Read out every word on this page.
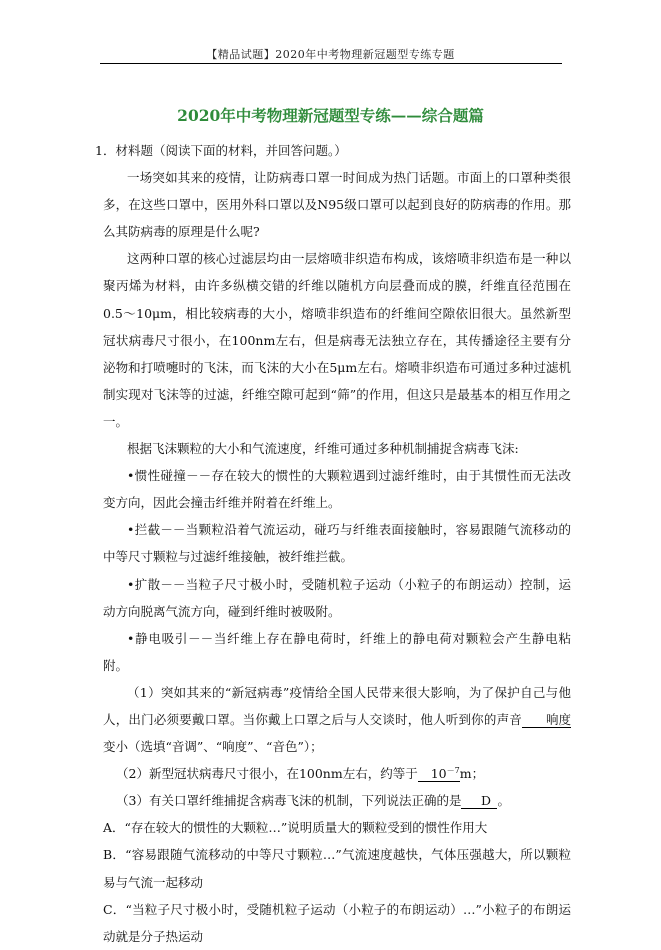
【精品试题】2020年中考物理新冠题型专练专题
2020年中考物理新冠题型专练——综合题篇
1．材料题（阅读下面的材料，并回答问题。）

一场突如其来的疫情，让防病毒口罩一时间成为热门话题。市面上的口罩种类很多，在这些口罩中，医用外科口罩以及N95级口罩可以起到良好的防病毒的作用。那么其防病毒的原理是什么呢?

这两种口罩的核心过滤层均由一层熔喷非织造布构成，该熔喷非织造布是一种以聚丙烯为材料，由许多纵横交错的纤维以随机方向层叠而成的膜，纤维直径范围在0.5～10μm，相比较病毒的大小，熔喷非织造布的纤维间空隙依旧很大。虽然新型冠状病毒尺寸很小，在100nm左右，但是病毒无法独立存在，其传播途径主要有分泌物和打喷嚏时的飞沫，而飞沫的大小在5μm左右。熔喷非织造布可通过多种过滤机制实现对飞沫等的过滤，纤维空隙可起到“筛”的作用，但这只是最基本的相互作用之一。

根据飞沫颗粒的大小和气流速度，纤维可通过多种机制捕捉含病毒飞沫:

•惯性碰撞－－存在较大的惯性的大颗粒遇到过滤纤维时，由于其惯性而无法改变方向，因此会撞击纤维并附着在纤维上。

•拦截－－当颗粒沿着气流运动，碰巧与纤维表面接触时，容易跟随气流移动的中等尺寸颗粒与过滤纤维接触，被纤维拦截。

•扩散－－当粒子尺寸极小时，受随机粒子运动（小粒子的布朗运动）控制，运动方向脱离气流方向，碰到纤维时被吸附。

•静电吸引－－当纤维上存在静电荷时，纤维上的静电荷对颗粒会产生静电粘附。

（1）突如其来的“新冠病毒”疫情给全国人民带来很大影响，为了保护自己与他人，出门必须要戴口罩。当你戴上口罩之后与人交谈时，他人听到你的声音 响度变小（选填“音调”、“响度”、“音色”）；

（2）新型冠状病毒尺寸很小，在100nm左右，约等于 $10^{-7}m$；

（3）有关口罩纤维捕捉含病毒飞沫的机制，下列说法正确的是 D 。

A．“存在较大的惯性的大颗粒…”说明质量大的颗粒受到的惯性作用大

B．“容易跟随气流移动的中等尺寸颗粒…”气流速度越快，气体压强越大，所以颗粒易与气流一起移动

C．“当粒子尺寸极小时，受随机粒子运动（小粒子的布朗运动）…”小粒子的布朗运动就是分子热运动
